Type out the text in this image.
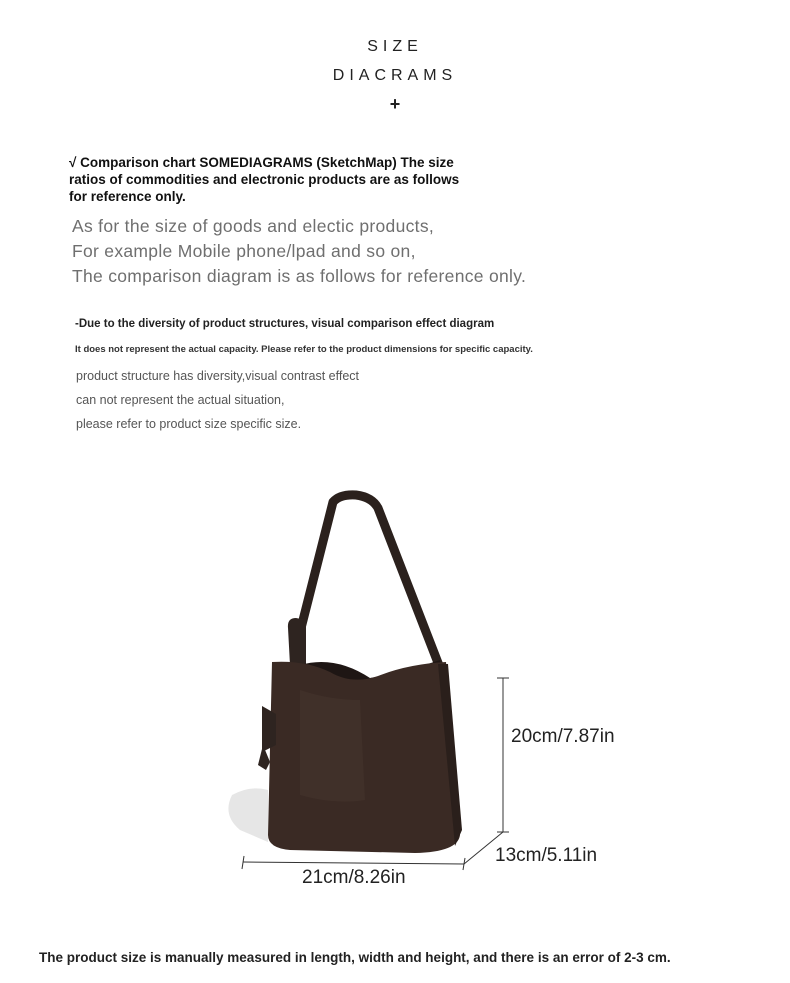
SIZE
DIACRAMS
+
√ Comparison chart SOMEDIAGRAMS (SketchMap) The size
ratios of commodities and electronic products are as follows
for reference only.
As for the size of goods and electic products,
For example Mobile phone/lpad and so on,
The comparison diagram is as follows for reference only.
-Due to the diversity of product structures, visual comparison effect diagram
It does not represent the actual capacity. Please refer to the product dimensions for specific capacity.
product structure has diversity,visual contrast effect
can not represent the actual situation,
please refer to product size specific size.
20cm/7.87in
21cm/8.26in
13cm/5.11in
The product size is manually measured in length, width and height, and there is an error of 2-3 cm.
